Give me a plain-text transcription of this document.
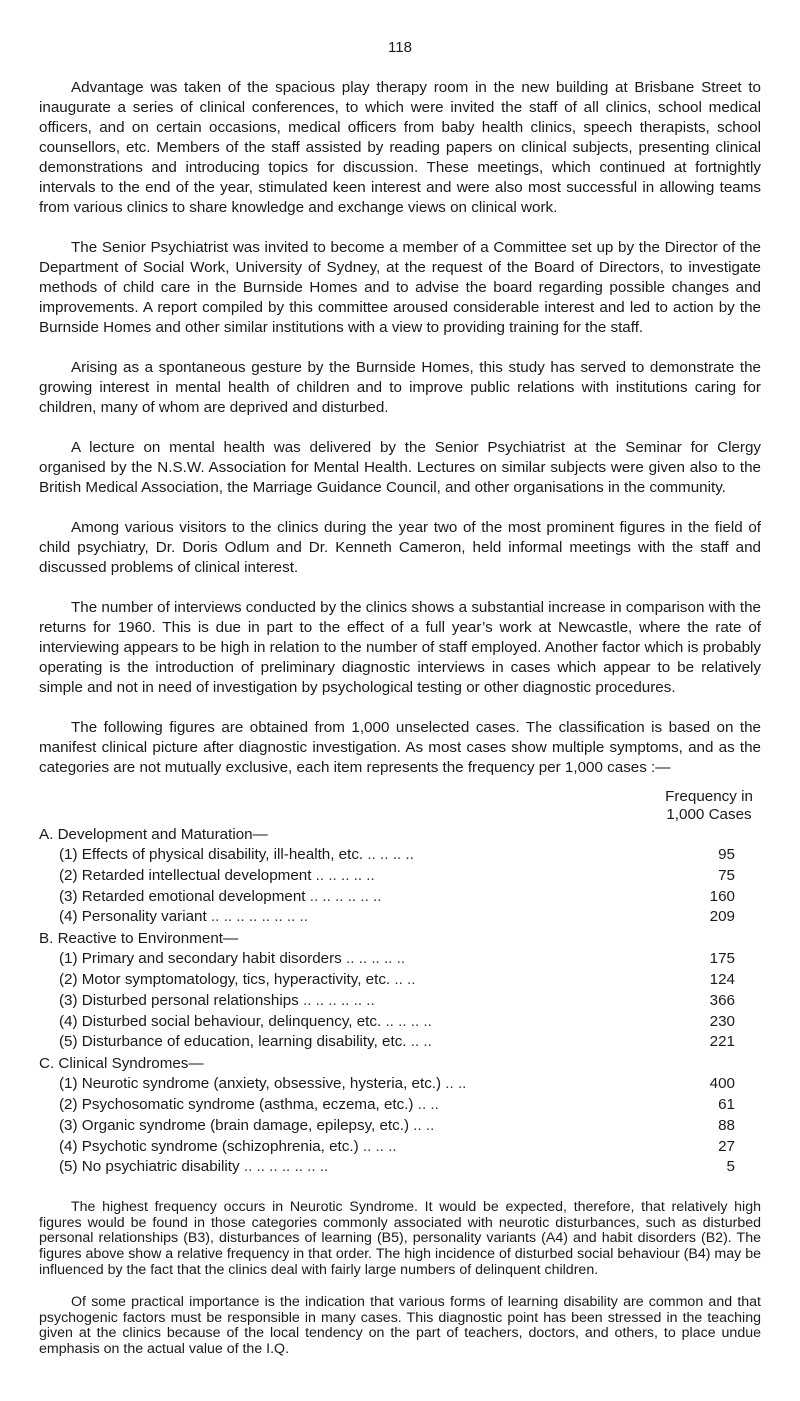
118

Advantage was taken of the spacious play therapy room in the new building at Brisbane Street to inaugurate a series of clinical conferences, to which were invited the staff of all clinics, school medical officers, and on certain occasions, medical officers from baby health clinics, speech therapists, school counsellors, etc. Members of the staff assisted by reading papers on clinical subjects, presenting clinical demonstrations and introducing topics for discussion. These meetings, which continued at fortnightly intervals to the end of the year, stimulated keen interest and were also most successful in allowing teams from various clinics to share knowledge and exchange views on clinical work.

The Senior Psychiatrist was invited to become a member of a Committee set up by the Director of the Department of Social Work, University of Sydney, at the request of the Board of Directors, to investigate methods of child care in the Burnside Homes and to advise the board regarding possible changes and improvements. A report compiled by this committee aroused considerable interest and led to action by the Burnside Homes and other similar institutions with a view to providing training for the staff.

Arising as a spontaneous gesture by the Burnside Homes, this study has served to demonstrate the growing interest in mental health of children and to improve public relations with institutions caring for children, many of whom are deprived and disturbed.

A lecture on mental health was delivered by the Senior Psychiatrist at the Seminar for Clergy organised by the N.S.W. Association for Mental Health. Lectures on similar subjects were given also to the British Medical Association, the Marriage Guidance Council, and other organisations in the community.

Among various visitors to the clinics during the year two of the most prominent figures in the field of child psychiatry, Dr. Doris Odlum and Dr. Kenneth Cameron, held informal meetings with the staff and discussed problems of clinical interest.

The number of interviews conducted by the clinics shows a substantial increase in comparison with the returns for 1960. This is due in part to the effect of a full year’s work at Newcastle, where the rate of interviewing appears to be high in relation to the number of staff employed. Another factor which is probably operating is the introduction of preliminary diagnostic interviews in cases which appear to be relatively simple and not in need of investigation by psychological testing or other diagnostic procedures.

The following figures are obtained from 1,000 unselected cases. The classification is based on the manifest clinical picture after diagnostic investigation. As most cases show multiple symptoms, and as the categories are not mutually exclusive, each item represents the frequency per 1,000 cases :—

Frequency in
1,000 Cases
A. Development and Maturation—
(1) Effects of physical disability, ill-health, etc. .. .. .. ..	95
(2) Retarded intellectual development .. .. .. .. ..	75
(3) Retarded emotional development .. .. .. .. .. ..	160
(4) Personality variant .. .. .. .. .. .. .. ..	209
B. Reactive to Environment—
(1) Primary and secondary habit disorders .. .. .. .. ..	175
(2) Motor symptomatology, tics, hyperactivity, etc. .. ..	124
(3) Disturbed personal relationships .. .. .. .. .. ..	366
(4) Disturbed social behaviour, delinquency, etc. .. .. .. ..	230
(5) Disturbance of education, learning disability, etc. .. ..	221
C. Clinical Syndromes—
(1) Neurotic syndrome (anxiety, obsessive, hysteria, etc.) .. ..	400
(2) Psychosomatic syndrome (asthma, eczema, etc.) .. ..	61
(3) Organic syndrome (brain damage, epilepsy, etc.) .. ..	88
(4) Psychotic syndrome (schizophrenia, etc.) .. .. ..	27
(5) No psychiatric disability .. .. .. .. .. .. ..	5

The highest frequency occurs in Neurotic Syndrome. It would be expected, therefore, that relatively high figures would be found in those categories commonly associated with neurotic disturbances, such as disturbed personal relationships (B3), disturbances of learning (B5), personality variants (A4) and habit disorders (B2). The figures above show a relative frequency in that order. The high incidence of disturbed social behaviour (B4) may be influenced by the fact that the clinics deal with fairly large numbers of delinquent children.

Of some practical importance is the indication that various forms of learning disability are common and that psychogenic factors must be responsible in many cases. This diagnostic point has been stressed in the teaching given at the clinics because of the local tendency on the part of teachers, doctors, and others, to place undue emphasis on the actual value of the I.Q.
